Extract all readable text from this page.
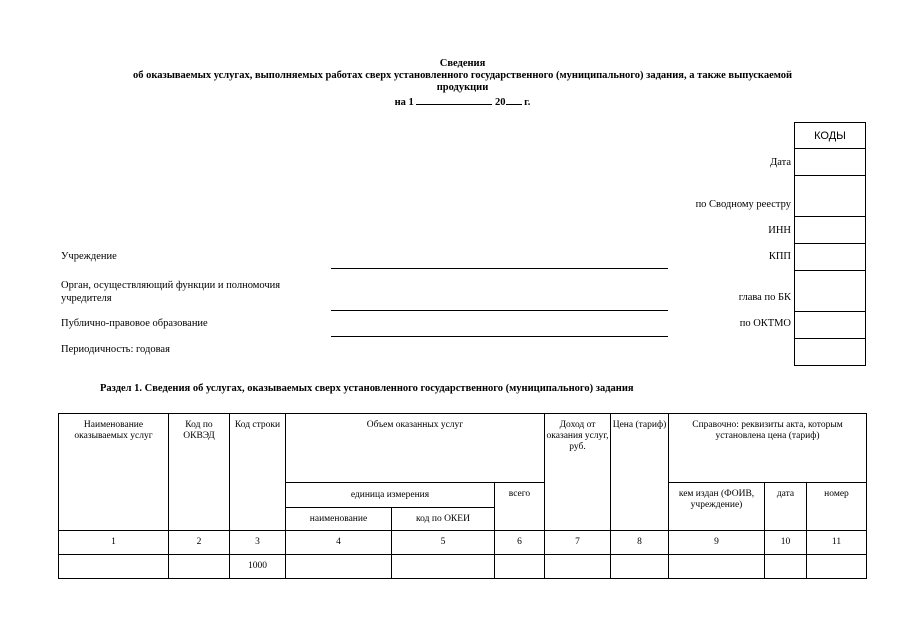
Сведения
об оказываемых услугах, выполняемых работах сверх установленного государственного (муниципального) задания, а также выпускаемой
продукции
на 1	20 г.
КОДЫ

Дата
по Сводному реестру
ИНН
КПП
глава по БК
по ОКТМО
Учреждение
Орган, осуществляющий функции и полномочия
учредителя
Публично-правовое образование
Периодичность: годовая
Раздел 1. Сведения об услугах, оказываемых сверх установленного государственного (муниципального) задания
Наименование оказываемых услуг	Код по ОКВЭД	Код строки	Объем оказанных услуг			Доход от оказания услуг, руб.	Цена (тариф)	Справочно: реквизиты акта, которым установлена цена (тариф)		
			единица измерения		всего			кем издан (ФОИВ, учреждение)	дата	номер
			наименование	код по ОКЕИ						
1	2	3	4	5	6	7	8	9	10	11
		1000								
